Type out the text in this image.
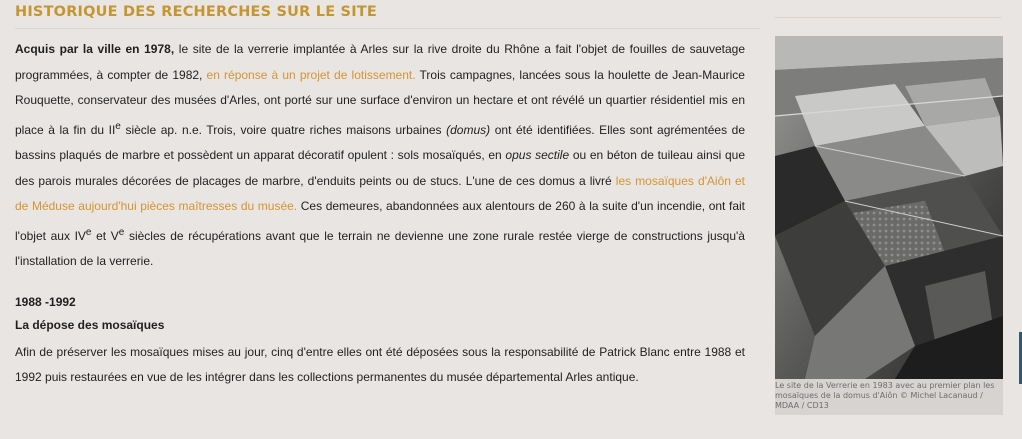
HISTORIQUE DES RECHERCHES SUR LE SITE

Acquis par la ville en 1978, le site de la verrerie implantée à Arles sur la rive droite du Rhône a fait l'objet de fouilles de sauvetage programmées, à compter de 1982, en réponse à un projet de lotissement. Trois campagnes, lancées sous la houlette de Jean-Maurice Rouquette, conservateur des musées d'Arles, ont porté sur une surface d'environ un hectare et ont révélé un quartier résidentiel mis en place à la fin du IIe siècle ap. n.e. Trois, voire quatre riches maisons urbaines (domus) ont été identifiées. Elles sont agrémentées de bassins plaqués de marbre et possèdent un apparat décoratif opulent : sols mosaïqués, en opus sectile ou en béton de tuileau ainsi que des parois murales décorées de placages de marbre, d'enduits peints ou de stucs. L'une de ces domus a livré les mosaïques d'Aiôn et de Méduse aujourd'hui pièces maîtresses du musée. Ces demeures, abandonnées aux alentours de 260 à la suite d'un incendie, ont fait l'objet aux IVe et Ve siècles de récupérations avant que le terrain ne devienne une zone rurale restée vierge de constructions jusqu'à l'installation de la verrerie.

1988 -1992
La dépose des mosaïques

Afin de préserver les mosaïques mises au jour, cinq d'entre elles ont été déposées sous la responsabilité de Patrick Blanc entre 1988 et 1992 puis restaurées en vue de les intégrer dans les collections permanentes du musée départemental Arles antique.

Le site de la Verrerie en 1983 avec au premier plan les mosaïques de la domus d'Aiôn © Michel Lacanaud / MDAA / CD13
